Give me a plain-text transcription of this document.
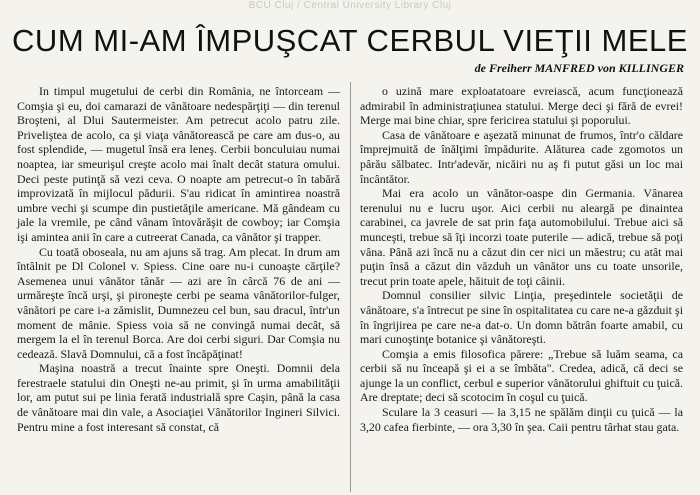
BCU Cluj / Central University Library Cluj
CUM MI-AM ÎMPUŞCAT CERBUL VIEŢII MELE
de Freiherr MANFRED von KILLINGER

In timpul mugetului de cerbi din România, ne întorceam — Comşia şi eu, doi camarazi de vânătoare nedespărţiţi — din terenul Broşteni, al Dlui Sautermeister. Am petrecut acolo patru zile. Priveliştea de acolo, ca şi viaţa vânătorească pe care am dus-o, au fost splendide, — mugetul însă era leneş. Cerbii bonculuiau numai noaptea, iar smeurişul creşte acolo mai înalt decât statura omului. Deci peste putinţă să vezi ceva. O noapte am petrecut-o în tabără improvizată în mijlocul pădurii. S'au ridicat în amintirea noastră umbre vechi şi scumpe din pustietăţile americane. Mă gândeam cu jale la vremile, pe când vânam întovărăşit de cowboy; iar Comşia işi amintea anii în care a cutreerat Canada, ca vânător şi trapper.

Cu toată oboseala, nu am ajuns să trag. Am plecat. In drum am întâlnit pe Dl Colonel v. Spiess. Cine oare nu-i cunoaşte cărţile? Asemenea unui vânător tânăr — azi are în cârcă 76 de ani — urmăreşte încă urşi, şi pironeşte cerbi pe seama vânătorilor-fulger, vânători pe care i-a zămislit, Dumnezeu cel bun, sau dracul, într'un moment de mânie. Spiess voia să ne convingă numai decât, să mergem la el în terenul Borca. Are doi cerbi siguri. Dar Comşia nu cedează. Slavă Domnului, că a fost încăpăţinat!

Maşina noastră a trecut înainte spre Oneşti. Domnii dela ferestraele statului din Oneşti ne-au primit, şi în urma amabilităţii lor, am putut sui pe linia ferată industrială spre Caşin, până la casa de vânătoare mai din vale, a Asociaţiei Vânătorilor Ingineri Silvici. Pentru mine a fost interesant să constat, că

o uzină mare exploatatoare evreiască, acum funcţionează admirabil în administraţiunea statului. Merge deci şi fără de evrei! Merge mai bine chiar, spre fericirea statului şi poporului.

Casa de vânătoare e aşezată minunat de frumos, într'o căldare împrejmuită de înălţimi împădurite. Alăturea cade zgomotos un pârău sălbatec. Intr'adevăr, nicăiri nu aş fi putut găsi un loc mai încântător.

Mai era acolo un vânător-oaspe din Germania. Vânarea terenului nu e lucru uşor. Aici cerbii nu aleargă pe dinaintea carabinei, ca javrele de sat prin faţa automobilului. Trebue aici să munceşti, trebue să îţi incorzi toate puterile — adică, trebue să poţi vâna. Până azi încă nu a căzut din cer nici un măestru; cu atât mai puţin însă a căzut din văzduh un vânător uns cu toate unsorile, trecut prin toate apele, hăituit de toţi câinii.

Domnul consilier silvic Linţia, preşedintele societăţii de vânătoare, s'a întrecut pe sine în ospitalitatea cu care ne-a găzduit şi în îngrijirea pe care ne-a dat-o. Un domn bătrân foarte amabil, cu mari cunoştinţe botanice şi vânătoreşti.

Comşia a emis filosofica părere: „Trebue să luăm seama, ca cerbii să nu înceapă şi ei a se îmbăta". Credea, adică, că deci se ajunge la un conflict, cerbul e superior vânătorului ghiftuit cu ţuică. Are dreptate; deci să scotocim în coşul cu ţuică.

Sculare la 3 ceasuri — la 3,15 ne spălăm dinţii cu ţuică — la 3,20 cafea fierbinte, — ora 3,30 în şea. Caii pentru târhat stau gata.
